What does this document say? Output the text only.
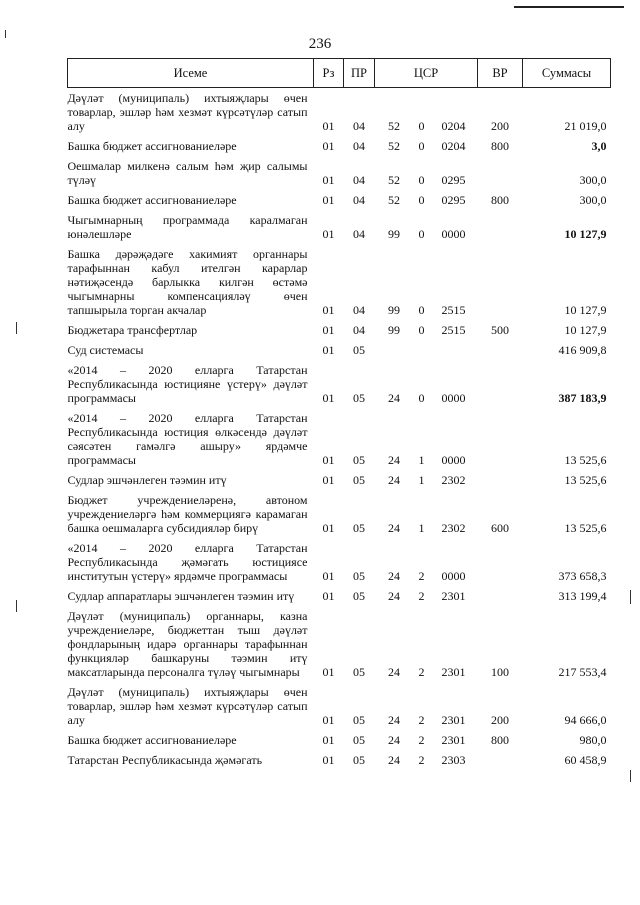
236
Исеме	Рз	ПР	ЦСР			ВР	Суммасы
Дәүләт (муниципаль) ихтыяҗлары өчен товарлар, эшләр һәм хезмәт күрсәтүләр сатып алу	01	04	52	0	0204	200	21 019,0
Башка бюджет ассигнованиеләре	01	04	52	0	0204	800	3,0
Оешмалар милкенә салым һәм җир салымы түләү	01	04	52	0	0295		300,0
Башка бюджет ассигнованиеләре	01	04	52	0	0295	800	300,0
Чыгымнарның программада каралмаган юнәлешләре	01	04	99	0	0000		10 127,9
Башка дәрәҗәдәге хакимият органнары тарафыннан кабул ителгән карарлар нәтиҗәсендә барлыкка килгән өстәмә чыгымнарны компенсацияләү өчен тапшырыла торган акчалар	01	04	99	0	2515		10 127,9
Бюджетара трансфертлар	01	04	99	0	2515	500	10 127,9
Суд системасы	01	05					416 909,8
«2014 – 2020 елларга Татарстан Республикасында юстицияне үстерү» дәүләт программасы	01	05	24	0	0000		387 183,9
«2014 – 2020 елларга Татарстан Республикасында юстиция өлкәсендә дәүләт сәясәтен гамәлгә ашыру» ярдәмче программасы	01	05	24	1	0000		13 525,6
Судлар эшчәнлеген тәэмин итү	01	05	24	1	2302		13 525,6
Бюджет учреждениеләренә, автоном учреждениеләргә һәм коммерциягә карамаган башка оешмаларга субсидияләр бирү	01	05	24	1	2302	600	13 525,6
«2014 – 2020 елларга Татарстан Республикасында җәмәгать юстициясе институтын үстерү» ярдәмче программасы	01	05	24	2	0000		373 658,3
Судлар аппаратлары эшчәнлеген тәэмин итү	01	05	24	2	2301		313 199,4
Дәүләт (муниципаль) органнары, казна учреждениеләре, бюджеттан тыш дәүләт фондларының идарә органнары тарафыннан функцияләр башкаруны тәэмин итү максатларында персоналга түләү чыгымнары	01	05	24	2	2301	100	217 553,4
Дәүләт (муниципаль) ихтыяҗлары өчен товарлар, эшләр һәм хезмәт күрсәтүләр сатып алу	01	05	24	2	2301	200	94 666,0
Башка бюджет ассигнованиеләре	01	05	24	2	2301	800	980,0
Татарстан Республикасында җәмәгать	01	05	24	2	2303		60 458,9
